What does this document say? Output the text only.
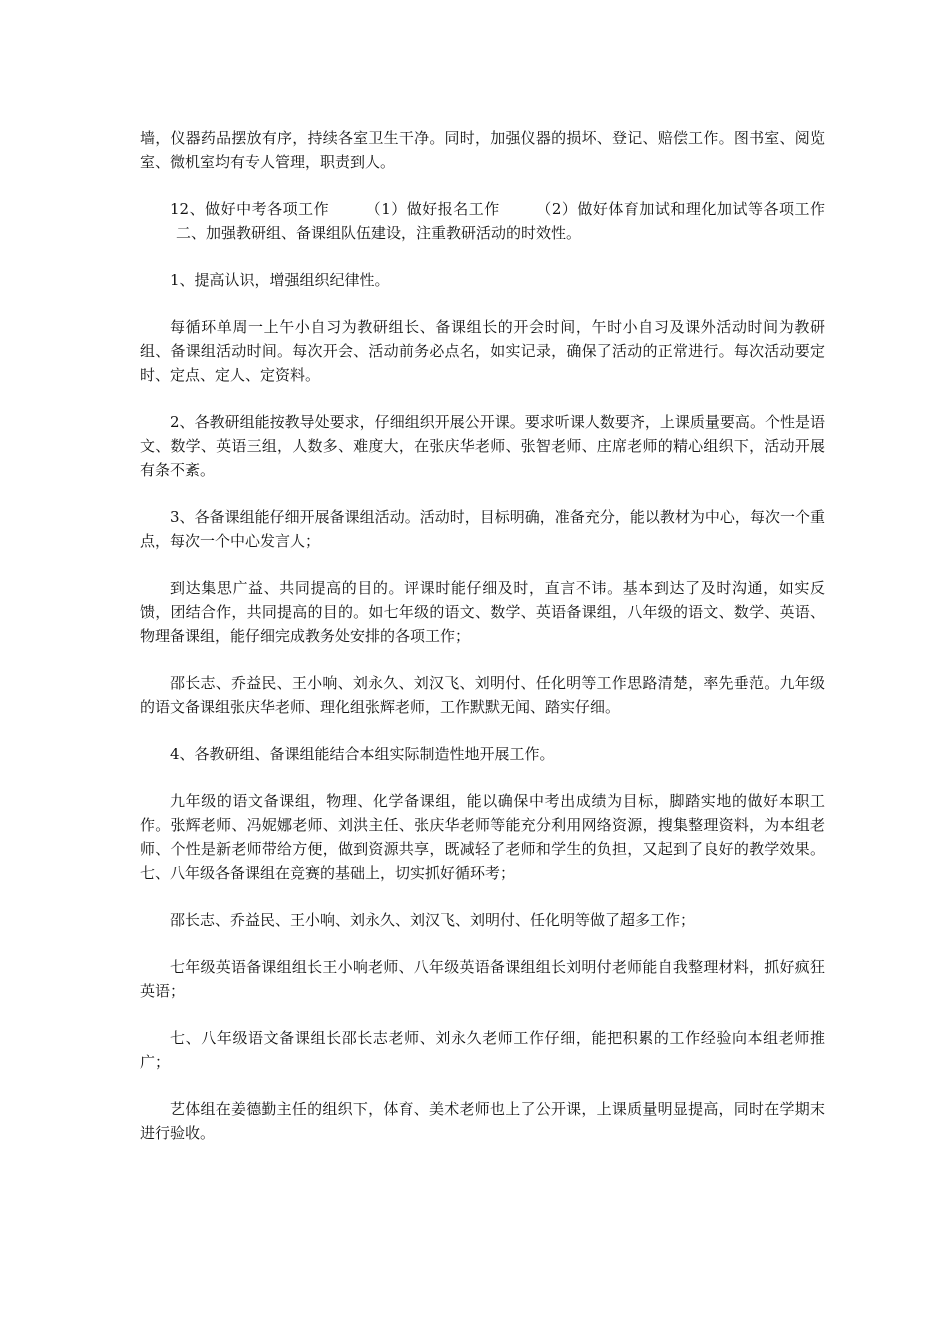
墙，仪器药品摆放有序，持续各室卫生干净。同时，加强仪器的损坏、登记、赔偿工作。图书室、阅览室、微机室均有专人管理，职责到人。

12、做好中考各项工作 （1）做好报名工作 （2）做好体育加试和理化加试等各项工作二、加强教研组、备课组队伍建设，注重教研活动的时效性。

1、提高认识，增强组织纪律性。

每循环单周一上午小自习为教研组长、备课组长的开会时间，午时小自习及课外活动时间为教研组、备课组活动时间。每次开会、活动前务必点名，如实记录，确保了活动的正常进行。每次活动要定时、定点、定人、定资料。

2、各教研组能按教导处要求，仔细组织开展公开课。要求听课人数要齐，上课质量要高。个性是语文、数学、英语三组，人数多、难度大，在张庆华老师、张智老师、庄席老师的精心组织下，活动开展有条不紊。

3、各备课组能仔细开展备课组活动。活动时，目标明确，准备充分，能以教材为中心，每次一个重点，每次一个中心发言人；

到达集思广益、共同提高的目的。评课时能仔细及时，直言不讳。基本到达了及时沟通，如实反馈，团结合作，共同提高的目的。如七年级的语文、数学、英语备课组，八年级的语文、数学、英语、物理备课组，能仔细完成教务处安排的各项工作；

邵长志、乔益民、王小响、刘永久、刘汉飞、刘明付、任化明等工作思路清楚，率先垂范。九年级的语文备课组张庆华老师、理化组张辉老师，工作默默无闻、踏实仔细。

4、各教研组、备课组能结合本组实际制造性地开展工作。

九年级的语文备课组，物理、化学备课组，能以确保中考出成绩为目标，脚踏实地的做好本职工作。张辉老师、冯妮娜老师、刘洪主任、张庆华老师等能充分利用网络资源，搜集整理资料，为本组老师、个性是新老师带给方便，做到资源共享，既减轻了老师和学生的负担，又起到了良好的教学效果。七、八年级各备课组在竞赛的基础上，切实抓好循环考；

邵长志、乔益民、王小响、刘永久、刘汉飞、刘明付、任化明等做了超多工作；

七年级英语备课组组长王小响老师、八年级英语备课组组长刘明付老师能自我整理材料，抓好疯狂英语；

七、八年级语文备课组长邵长志老师、刘永久老师工作仔细，能把积累的工作经验向本组老师推广；

艺体组在姜德勤主任的组织下，体育、美术老师也上了公开课，上课质量明显提高，同时在学期末进行验收。
